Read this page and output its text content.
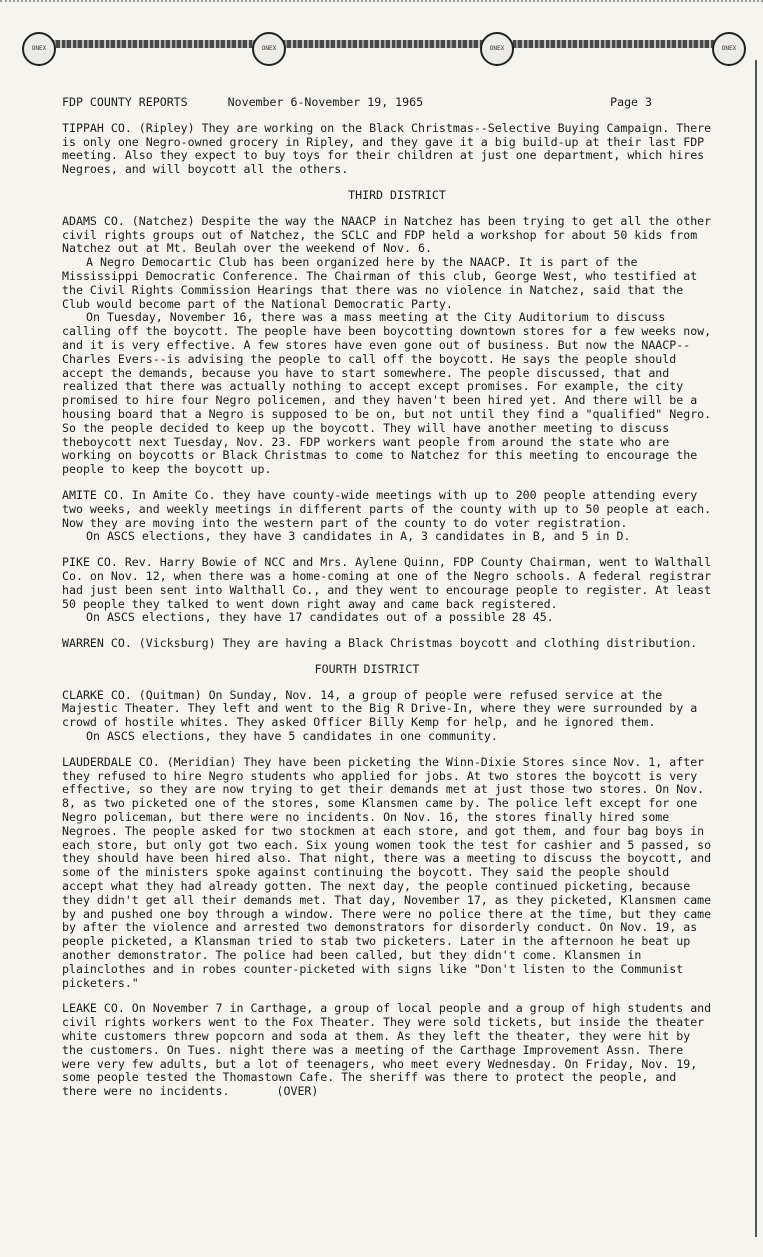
ONEX	ONEX	ONEX	ONEX
FDP COUNTY REPORTS	November 6-November 19, 1965	Page 3

TIPPAH CO. (Ripley) They are working on the Black Christmas--Selective Buying Campaign. There is only one Negro-owned grocery in Ripley, and they gave it a big build-up at their last FDP meeting. Also they expect to buy toys for their children at just one department, which hires Negroes, and will boycott all the others.

THIRD DISTRICT

ADAMS CO. (Natchez) Despite the way the NAACP in Natchez has been trying to get all the other civil rights groups out of Natchez, the SCLC and FDP held a workshop for about 50 kids from Natchez out at Mt. Beulah over the weekend of Nov. 6.
A Negro Democartic Club has been organized here by the NAACP. It is part of the Mississippi Democratic Conference. The Chairman of this club, George West, who testified at the Civil Rights Commission Hearings that there was no violence in Natchez, said that the Club would become part of the National Democratic Party.
On Tuesday, November 16, there was a mass meeting at the City Auditorium to discuss calling off the boycott. The people have been boycotting downtown stores for a few weeks now, and it is very effective. A few stores have even gone out of business. But now the NAACP--Charles Evers--is advising the people to call off the boycott. He says the people should accept the demands, because you have to start somewhere. The people discussed, that and realized that there was actually nothing to accept except promises. For example, the city promised to hire four Negro policemen, and they haven't been hired yet. And there will be a housing board that a Negro is supposed to be on, but not until they find a "qualified" Negro. So the people decided to keep up the boycott. They will have another meeting to discuss theboycott next Tuesday, Nov. 23. FDP workers want people from around the state who are working on boycotts or Black Christmas to come to Natchez for this meeting to encourage the people to keep the boycott up.

AMITE CO. In Amite Co. they have county-wide meetings with up to 200 people attending every two weeks, and weekly meetings in different parts of the county with up to 50 people at each. Now they are moving into the western part of the county to do voter registration.
On ASCS elections, they have 3 candidates in A, 3 candidates in B, and 5 in D.

PIKE CO. Rev. Harry Bowie of NCC and Mrs. Aylene Quinn, FDP County Chairman, went to Walthall Co. on Nov. 12, when there was a home-coming at one of the Negro schools. A federal registrar had just been sent into Walthall Co., and they went to encourage people to register. At least 50 people they talked to went down right away and came back registered.
On ASCS elections, they have 17 candidates out of a possible 28 45.

WARREN CO. (Vicksburg) They are having a Black Christmas boycott and clothing distribution.

FOURTH DISTRICT

CLARKE CO. (Quitman) On Sunday, Nov. 14, a group of people were refused service at the Majestic Theater. They left and went to the Big R Drive-In, where they were surrounded by a crowd of hostile whites. They asked Officer Billy Kemp for help, and he ignored them.
On ASCS elections, they have 5 candidates in one community.

LAUDERDALE CO. (Meridian) They have been picketing the Winn-Dixie Stores since Nov. 1, after they refused to hire Negro students who applied for jobs. At two stores the boycott is very effective, so they are now trying to get their demands met at just those two stores. On Nov. 8, as two picketed one of the stores, some Klansmen came by. The police left except for one Negro policeman, but there were no incidents. On Nov. 16, the stores finally hired some Negroes. The people asked for two stockmen at each store, and got them, and four bag boys in each store, but only got two each. Six young women took the test for cashier and 5 passed, so they should have been hired also. That night, there was a meeting to discuss the boycott, and some of the ministers spoke against continuing the boycott. They said the people should accept what they had already gotten. The next day, the people continued picketing, because they didn't get all their demands met. That day, November 17, as they picketed, Klansmen came by and pushed one boy through a window. There were no police there at the time, but they came by after the violence and arrested two demonstrators for disorderly conduct. On Nov. 19, as people picketed, a Klansman tried to stab two picketers. Later in the afternoon he beat up another demonstrator. The police had been called, but they didn't come. Klansmen in plainclothes and in robes counter-picketed with signs like "Don't listen to the Communist picketers."

LEAKE CO. On November 7 in Carthage, a group of local people and a group of high students and civil rights workers went to the Fox Theater. They were sold tickets, but inside the theater white customers threw popcorn and soda at them. As they left the theater, they were hit by the customers. On Tues. night there was a meeting of the Carthage Improvement Assn. There were very few adults, but a lot of teenagers, who meet every Wednesday. On Friday, Nov. 19, some people tested the Thomastown Cafe. The sheriff was there to protect the people, and there were no incidents.	(OVER)
